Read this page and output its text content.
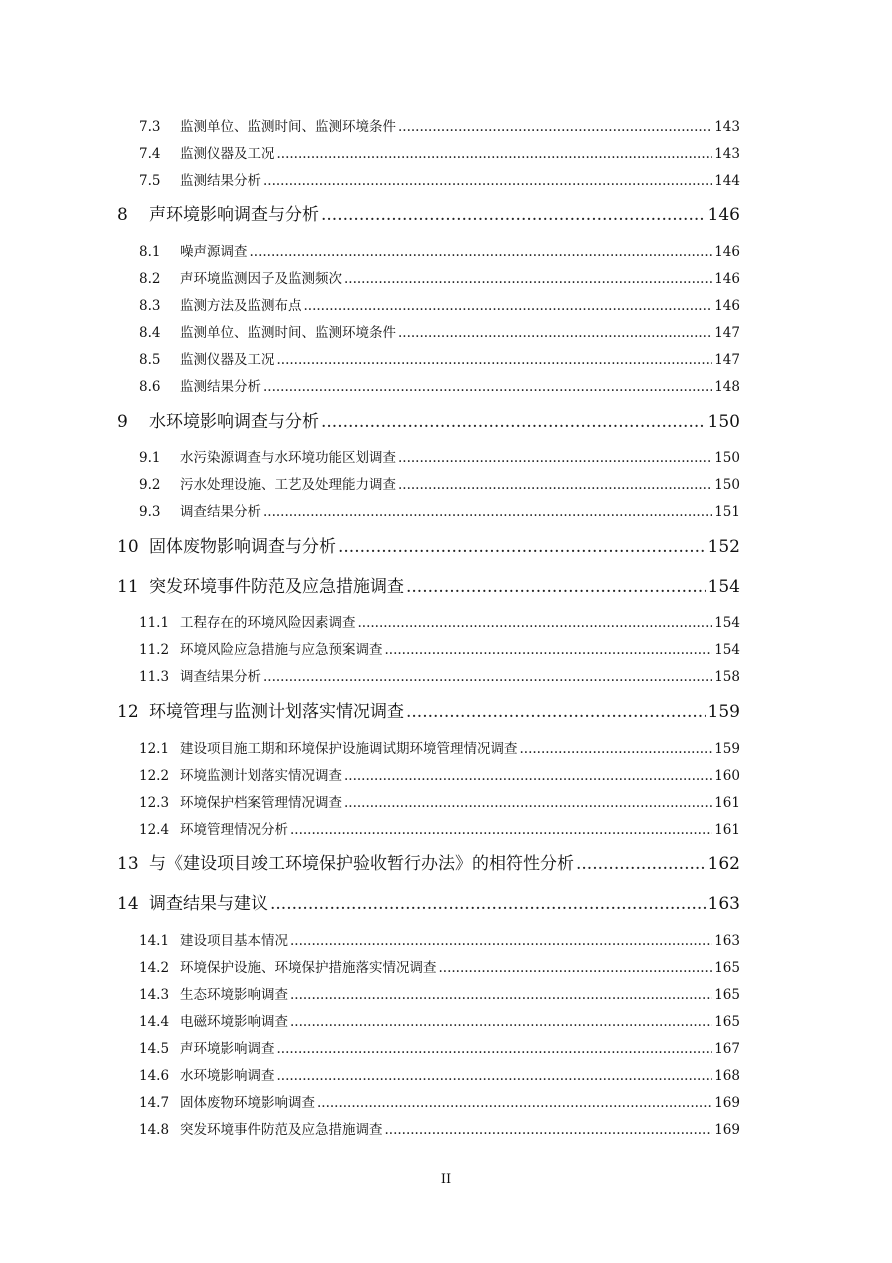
7.3	监测单位、监测时间、监测环境条件 .....	143
7.4	监测仪器及工况 .....	143
7.5	监测结果分析 .....	144
8	声环境影响调查与分析 .....	146
8.1	噪声源调查 .....	146
8.2	声环境监测因子及监测频次 .....	146
8.3	监测方法及监测布点 .....	146
8.4	监测单位、监测时间、监测环境条件 .....	147
8.5	监测仪器及工况 .....	147
8.6	监测结果分析 .....	148
9	水环境影响调查与分析 .....	150
9.1	水污染源调查与水环境功能区划调查 .....	150
9.2	污水处理设施、工艺及处理能力调查 .....	150
9.3	调查结果分析 .....	151
10 固体废物影响调查与分析 .....	152
11 突发环境事件防范及应急措施调查 .....	154
11.1 工程存在的环境风险因素调查 .....	154
11.2 环境风险应急措施与应急预案调查 .....	154
11.3 调查结果分析 .....	158
12 环境管理与监测计划落实情况调查 .....	159
12.1 建设项目施工期和环境保护设施调试期环境管理情况调查 .....	159
12.2 环境监测计划落实情况调查 .....	160
12.3 环境保护档案管理情况调查 .....	161
12.4 环境管理情况分析 .....	161
13 与《建设项目竣工环境保护验收暂行办法》的相符性分析 .....	162
14 调查结果与建议 .....	163
14.1 建设项目基本情况 .....	163
14.2 环境保护设施、环境保护措施落实情况调查 .....	165
14.3 生态环境影响调查 .....	165
14.4 电磁环境影响调查 .....	165
14.5 声环境影响调查 .....	167
14.6 水环境影响调查 .....	168
14.7 固体废物环境影响调查 .....	169
14.8 突发环境事件防范及应急措施调查 .....	169
II
